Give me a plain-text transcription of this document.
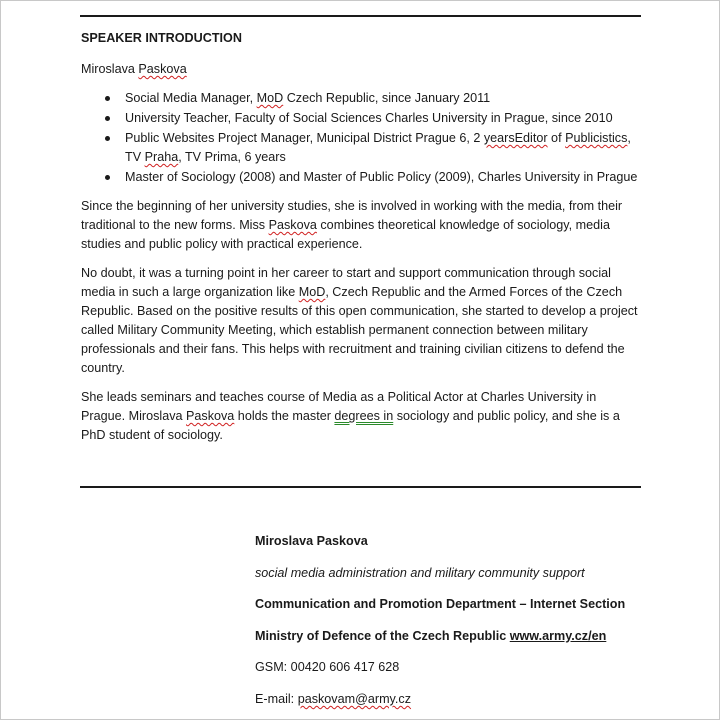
SPEAKER INTRODUCTION
Miroslava Paskova
Social Media Manager, MoD Czech Republic, since January 2011
University Teacher, Faculty of Social Sciences Charles University in Prague, since 2010
Public Websites Project Manager, Municipal District Prague 6, 2 yearsEditor of Publicistics, TV Praha, TV Prima, 6 years
Master of Sociology (2008) and Master of Public Policy (2009), Charles University in Prague

Since the beginning of her university studies, she is involved in working with the media, from their traditional to the new forms. Miss Paskova combines theoretical knowledge of sociology, media studies and public policy with practical experience.

No doubt, it was a turning point in her career to start and support communication through social media in such a large organization like MoD, Czech Republic and the Armed Forces of the Czech Republic. Based on the positive results of this open communication, she started to develop a project called Military Community Meeting, which establish permanent connection between military professionals and their fans. This helps with recruitment and training civilian citizens to defend the country.

She leads seminars and teaches course of Media as a Political Actor at Charles University in Prague. Miroslava Paskova holds the master degrees in sociology and public policy, and she is a PhD student of sociology.

Miroslava Paskova
social media administration and military community support
Communication and Promotion Department – Internet Section
Ministry of Defence of the Czech Republic www.army.cz/en
GSM: 00420 606 417 628
E-mail: paskovam@army.cz
